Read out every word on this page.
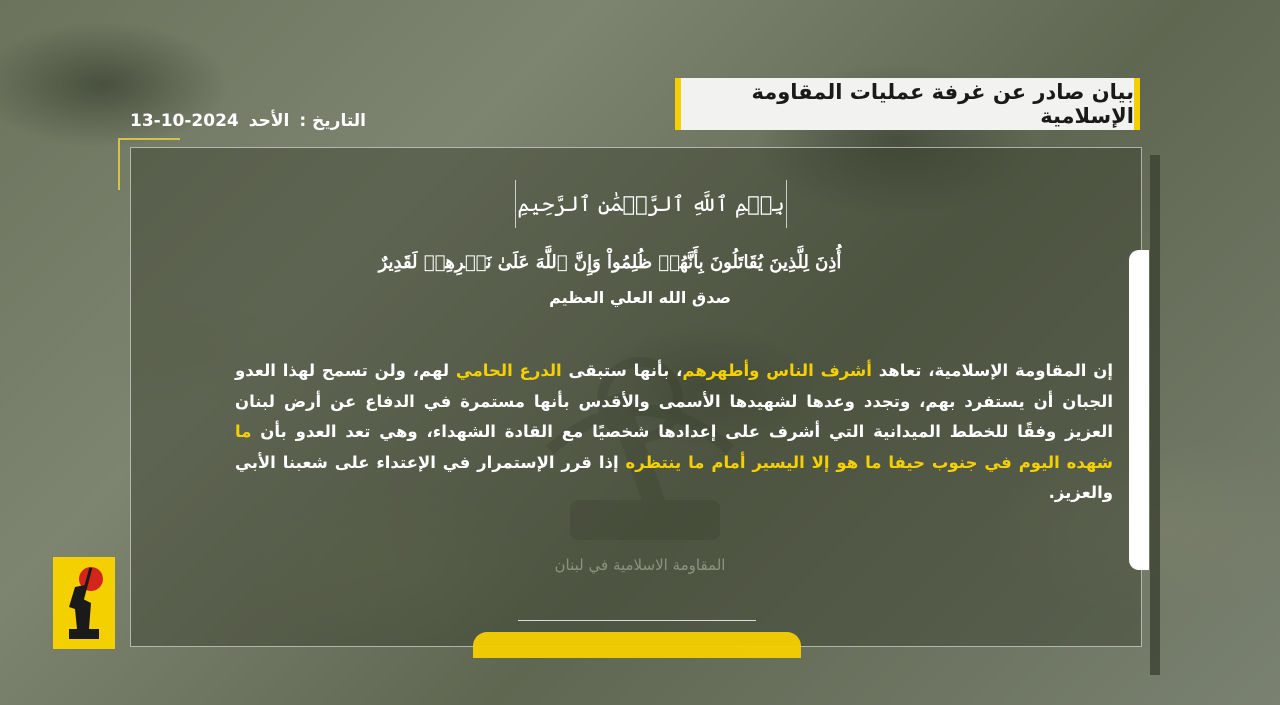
بيان صادر عن غرفة عمليات المقاومة الإسلامية
التاريخ :
الأحد
13-10-2024
المقاومة الاسلامية في لبنان
بِسۡمِ ٱللَّهِ ٱلرَّحۡمَٰنِ ٱلرَّحِيمِ
أُذِنَ لِلَّذِينَ يُقَاتَلُونَ بِأَنَّهُمۡ ظُلِمُواْ وَإِنَّ ٱللَّهَ عَلَىٰ نَصۡرِهِمۡ لَقَدِيرٌ
صدق الله العلي العظيم
إن المقاومة الإسلامية، تعاهد أشرف الناس وأطهرهم، بأنها ستبقى الدرع الحامي لهم، ولن تسمح لهذا العدو الجبان أن يستفرد بهم، وتجدد وعدها لشهيدها الأسمى والأقدس بأنها مستمرة في الدفاع عن أرض لبنان العزيز وفقًا للخطط الميدانية التي أشرف على إعدادها شخصيًا مع القادة الشهداء، وهي تعد العدو بأن ما شهده اليوم في جنوب حيفا ما هو إلا اليسير أمام ما ينتظره إذا قرر الإستمرار في الإعتداء على شعبنا الأبي والعزيز.
